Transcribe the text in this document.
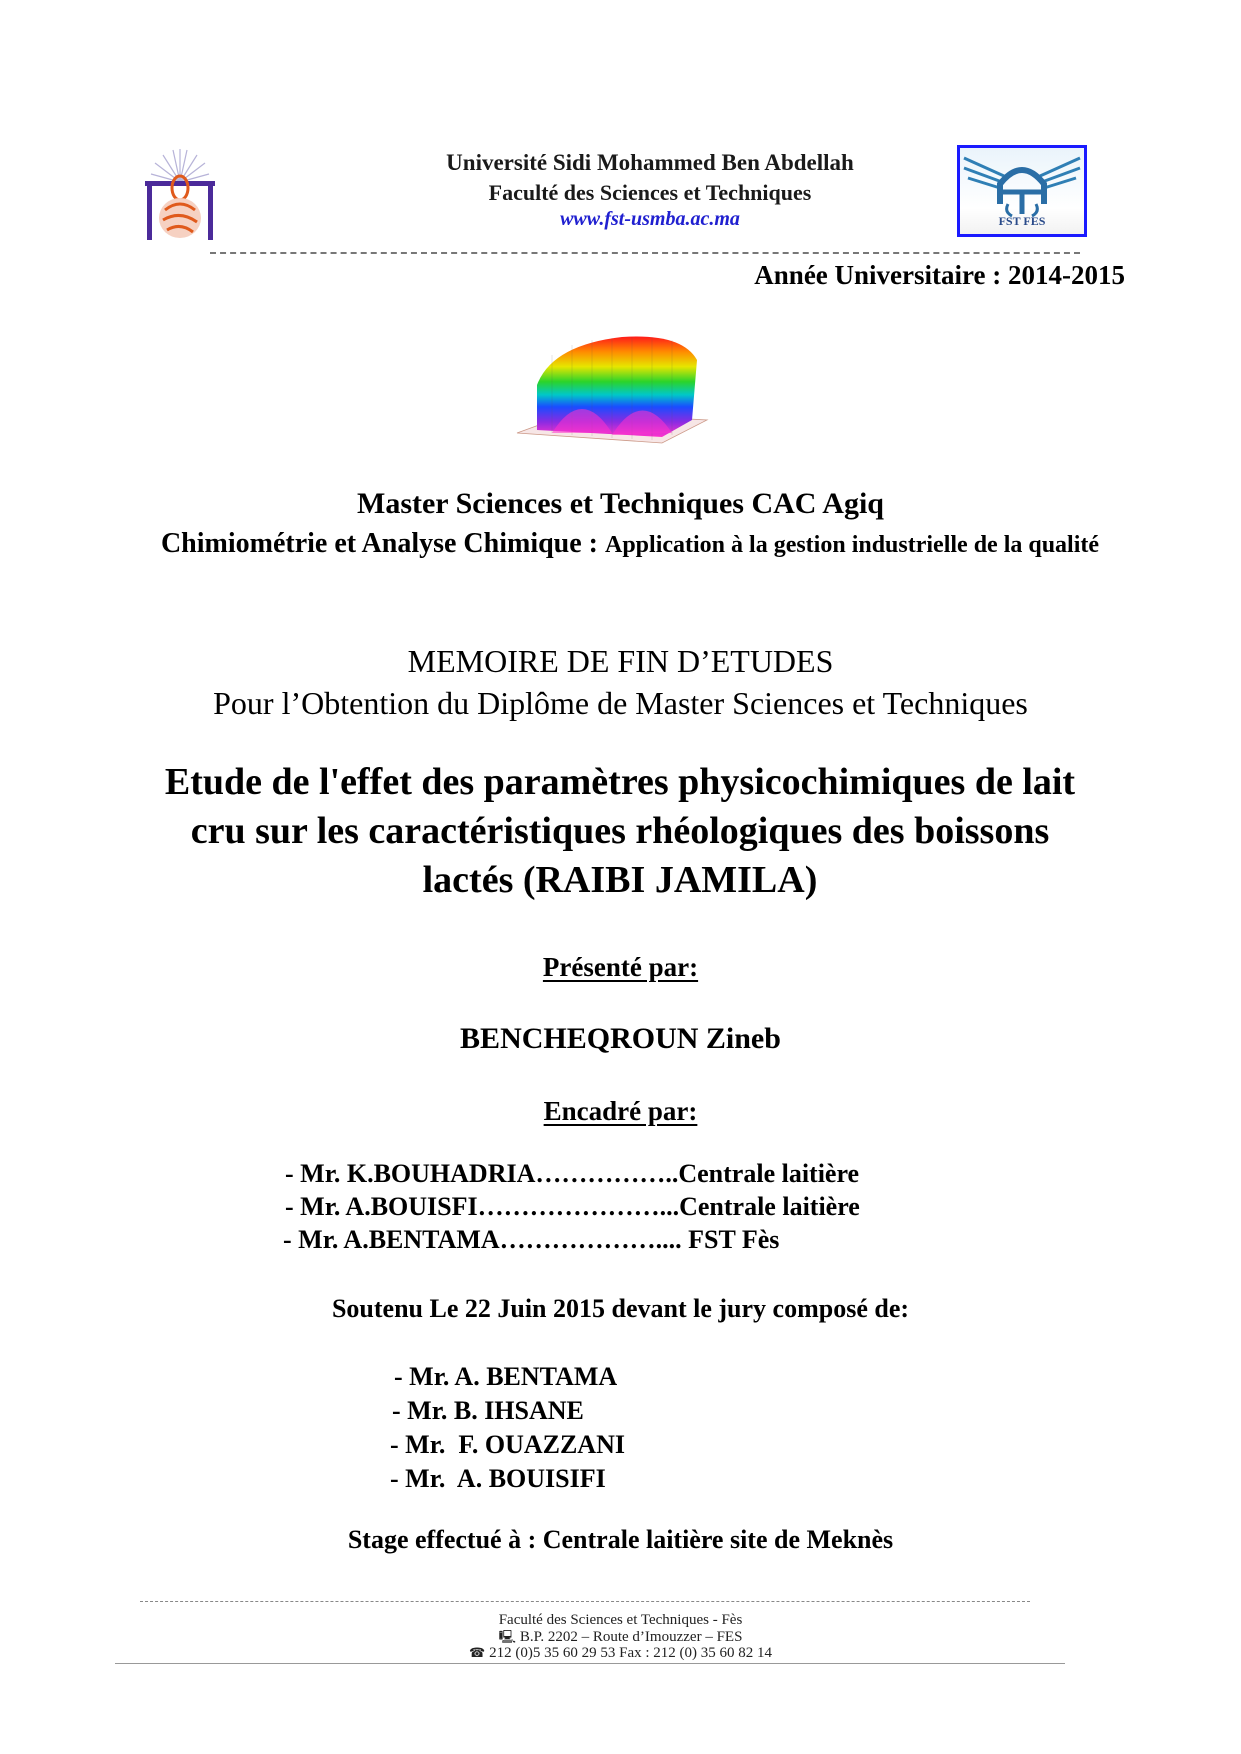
Université Sidi Mohammed Ben Abdellah
Faculté des Sciences et Techniques
www.fst-usmba.ac.ma	FST FES
Année Universitaire : 2014-2015
Master Sciences et Techniques CAC Agiq
Chimiométrie et Analyse Chimique : Application à la gestion industrielle de la qualité
MEMOIRE DE FIN D’ETUDES
Pour l’Obtention du Diplôme de Master Sciences et Techniques
Etude de l'effet des paramètres physicochimiques de lait
cru sur les caractéristiques rhéologiques des boissons
lactés (RAIBI JAMILA)
Présenté par:
BENCHEQROUN Zineb
Encadré par:
- Mr. K.BOUHADRIA……………..Centrale laitière
- Mr. A.BOUISFI…………………...Centrale laitière
- Mr. A.BENTAMA……………….... FST Fès
Soutenu Le 22 Juin 2015 devant le jury composé de:
- Mr. A. BENTAMA
- Mr. B. IHSANE
- Mr.  F. OUAZZANI
- Mr.  A. BOUISIFI
Stage effectué à : Centrale laitière site de Meknès
Faculté des Sciences et Techniques - Fès
🖳 B.P. 2202 – Route d’Imouzzer – FES
☎ 212 (0)5 35 60 29 53 Fax : 212 (0) 35 60 82 14
